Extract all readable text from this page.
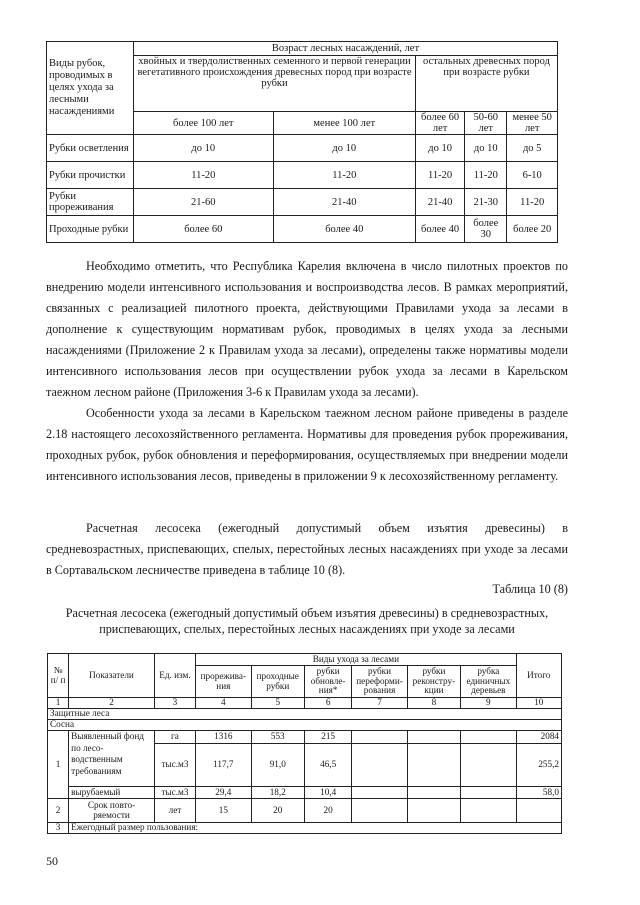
Виды рубок, проводимых в целях ухода за лесными насаждениями	Возраст лесных насаждений, лет				
	хвойных и твердолиственных семенного и первой генерации вегетативного происхождения древесных пород при возрасте рубки		остальных древесных пород при возрасте рубки		
	более 100 лет	менее 100 лет	более 60 лет	50-60 лет	менее 50 лет
Рубки осветления	до 10	до 10	до 10	до 10	до 5
Рубки прочистки	11-20	11-20	11-20	11-20	6-10
Рубки прореживания	21-60	21-40	21-40	21-30	11-20
Проходные рубки	более 60	более 40	более 40	более 30	более 20

Необходимо отметить, что Республика Карелия включена в число пилотных проектов по внедрению модели интенсивного использования и воспроизводства лесов. В рамках мероприятий, связанных с реализацией пилотного проекта, действующими Правилами ухода за лесами в дополнение к существующим нормативам рубок, проводимых в целях ухода за лесными насаждениями (Приложение 2 к Правилам ухода за лесами), определены также нормативы модели интенсивного использования лесов при осуществлении рубок ухода за лесами в Карельском таежном лесном районе (Приложения 3-6 к Правилам ухода за лесами).

Особенности ухода за лесами в Карельском таежном лесном районе приведены в разделе 2.18 настоящего лесохозяйственного регламента. Нормативы для проведения рубок прореживания, проходных рубок, рубок обновления и переформирования, осуществляемых при внедрении модели интенсивного использования лесов, приведены в приложении 9 к лесохозяйственному регламенту.

Расчетная лесосека (ежегодный допустимый объем изъятия древесины) в средневозрастных, приспевающих, спелых, перестойных лесных насаждениях при уходе за лесами в Сортавальском лесничестве приведена в таблице 10 (8).

Таблица 10 (8)
Расчетная лесосека (ежегодный допустимый объем изъятия древесины) в средневозрастных, приспевающих, спелых, перестойных лесных насаждениях при уходе за лесами
№ п/ п	Показатели	Ед. изм.	Виды ухода за лесами						Итого
			прорежива-ния	проходные рубки	рубки обновле-ния*	рубки переформи-рования	рубки реконстру-кции	рубка единичных деревьев	
1	2	3	4	5	6	7	8	9	10
Защитные леса									
Сосна									
1	Выявленный фонд по лесо-водственным требованиям	га	1316	553	215				2084
		тыс.м3	117,7	91,0	46,5				255,2
	вырубаемый	тыс.м3	29,4	18,2	10,4				58,0
2	Срок повто-ряемости	лет	15	20	20				
3	Ежегодный размер пользования:								
50
